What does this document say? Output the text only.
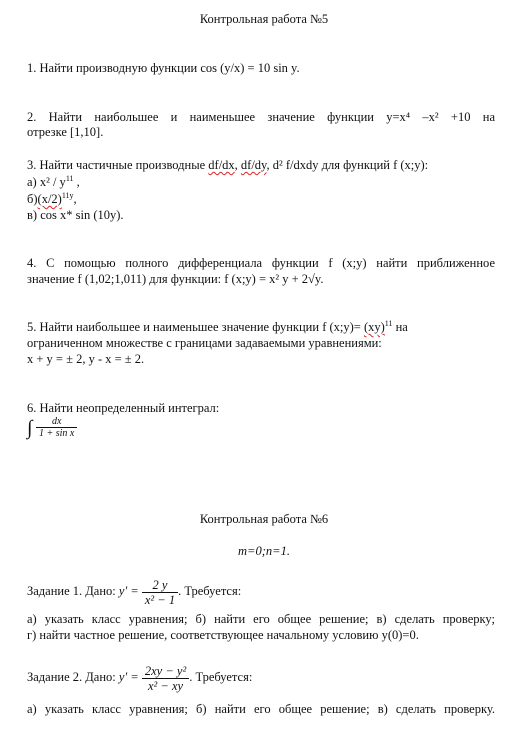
Контрольная работа №5
1. Найти производную функции cos (y/x) = 10 sin y.
2. Найти наибольшее и наименьшее значение функции y=x⁴ –x² +10 на
отрезке [1,10].
3. Найти частичные производные df/dx, df/dy, d² f/dxdy для функций f (x;y):
а) $x^2 / y^{11}$ ,
$б)(x/2)^{11y}$,
в) cos x* sin (10y).
4. С помощью полного дифференциала функции f (x;y) найти приближенное
значение f (1,02;1,011) для функции: f (x;y) = x² y + 2√y.
5. Найти наибольшее и наименьшее значение функции f (x;y)= (xy)$^{11}$ на
ограниченном множестве с границами задаваемыми уравнениями:
x + y = ± 2, y - x = ± 2.
6. Найти неопределенный интеграл:
∫ $\frac{dx}{\text{1 + sin x}}$
Контрольная работа №6
m=0;n=1.
Задание 1. Дано: $y' = \frac{2 y}{\text{x² − 1}}$ . Требуется:
а) указать класс уравнения; б) найти его общее решение; в) сделать проверку;
г) найти частное решение, соответствующее начальному условию y(0)=0.
Задание 2. Дано: $y' = \frac{\text{2xy − y²}}{\text{x² − xy}}$ . Требуется:
а) указать класс уравнения; б) найти его общее решение; в) сделать проверку.
